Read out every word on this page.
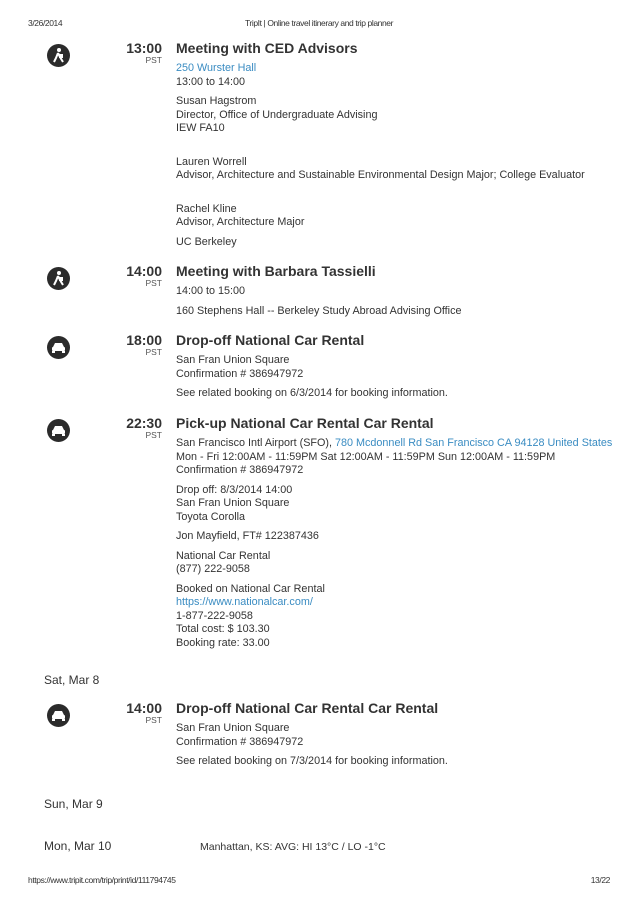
3/26/2014	TripIt | Online travel itinerary and trip planner
13:00
PST
Meeting with CED Advisors
250 Wurster Hall
13:00 to 14:00
Susan Hagstrom
Director, Office of Undergraduate Advising
IEW FA10
Lauren Worrell
Advisor, Architecture and Sustainable Environmental Design Major; College Evaluator
Rachel Kline
Advisor, Architecture Major
UC Berkeley
14:00
PST
Meeting with Barbara Tassielli
14:00 to 15:00
160 Stephens Hall -- Berkeley Study Abroad Advising Office
18:00
PST
Drop-off National Car Rental
San Fran Union Square
Confirmation # 386947972
See related booking on 6/3/2014 for booking information.
22:30
PST
Pick-up National Car Rental Car Rental
San Francisco Intl Airport (SFO), 780 Mcdonnell Rd San Francisco CA 94128 United States
Mon - Fri 12:00AM - 11:59PM Sat 12:00AM - 11:59PM Sun 12:00AM - 11:59PM
Confirmation # 386947972
Drop off: 8/3/2014 14:00
San Fran Union Square
Toyota Corolla
Jon Mayfield, FT# 122387436
National Car Rental
(877) 222-9058
Booked on National Car Rental
https://www.nationalcar.com/
1-877-222-9058
Total cost: $ 103.30
Booking rate: 33.00
14:00
PST
Drop-off National Car Rental Car Rental
San Fran Union Square
Confirmation # 386947972
See related booking on 7/3/2014 for booking information.
Sat, Mar 8
Sun, Mar 9
Mon, Mar 10	Manhattan, KS: AVG: HI 13°C / LO -1°C
https://www.tripit.com/trip/print/id/111794745	13/22
